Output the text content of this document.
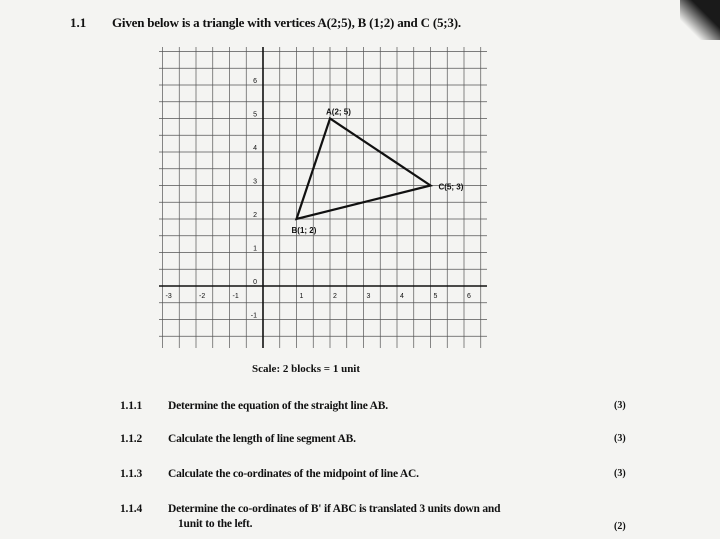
1.1 Given below is a triangle with vertices A(2;5), B (1;2) and C (5;3).
-3	-2	-1	1	2	3	4	5	6
6
5
4
3
2
1
0
-1
A(2; 5)
B(1; 2)
C(5; 3)
Scale: 2 blocks = 1 unit
1.1.1 Determine the equation of the straight line AB.	(3)
1.1.2 Calculate the length of line segment AB.	(3)
1.1.3 Calculate the co-ordinates of the midpoint of line AC.	(3)
1.1.4 Determine the co-ordinates of B' if ABC is translated 3 units down and
1unit to the left.	(2)
